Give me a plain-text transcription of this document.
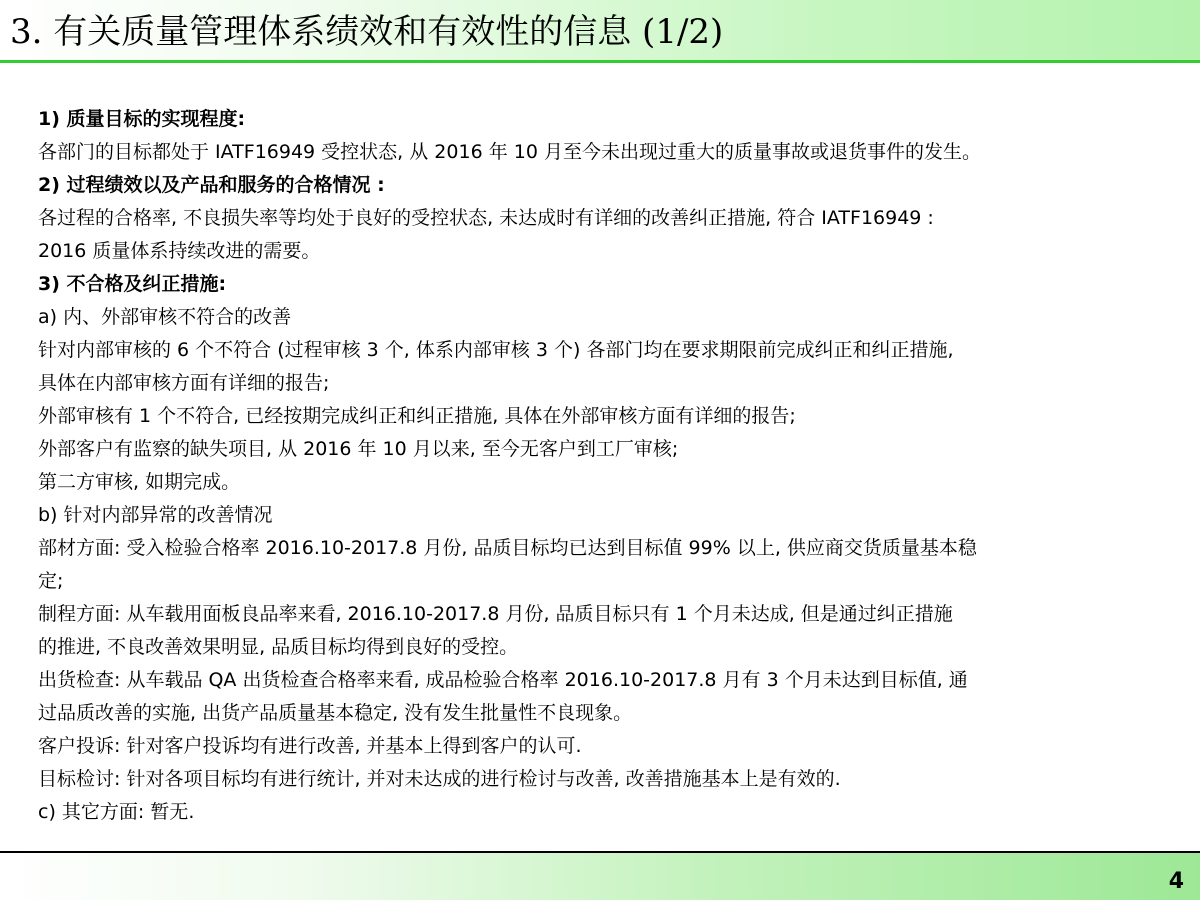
3. 有关质量管理体系绩效和有效性的信息 (1/2)
1) 质量目标的实现程度:
各部门的目标都处于 IATF16949 受控状态, 从 2016 年 10 月至今未出现过重大的质量事故或退货事件的发生。
2) 过程绩效以及产品和服务的合格情况 :
各过程的合格率, 不良损失率等均处于良好的受控状态, 未达成时有详细的改善纠正措施, 符合 IATF16949 :
2016 质量体系持续改进的需要。
3) 不合格及纠正措施:
a) 内、外部审核不符合的改善
针对内部审核的 6 个不符合 (过程审核 3 个, 体系内部审核 3 个) 各部门均在要求期限前完成纠正和纠正措施,
具体在内部审核方面有详细的报告;
外部审核有 1 个不符合, 已经按期完成纠正和纠正措施, 具体在外部审核方面有详细的报告;
外部客户有监察的缺失项目, 从 2016 年 10 月以来, 至今无客户到工厂审核;
第二方审核, 如期完成。
b) 针对内部异常的改善情况
部材方面: 受入检验合格率 2016.10-2017.8 月份, 品质目标均已达到目标值 99% 以上, 供应商交货质量基本稳
定;
制程方面: 从车载用面板良品率来看, 2016.10-2017.8 月份, 品质目标只有 1 个月未达成, 但是通过纠正措施
的推进, 不良改善效果明显, 品质目标均得到良好的受控。
出货检查: 从车载品 QA 出货检查合格率来看, 成品检验合格率 2016.10-2017.8 月有 3 个月未达到目标值, 通
过品质改善的实施, 出货产品质量基本稳定, 没有发生批量性不良现象。
客户投诉: 针对客户投诉均有进行改善, 并基本上得到客户的认可.
目标检讨: 针对各项目标均有进行统计, 并对未达成的进行检讨与改善, 改善措施基本上是有效的.
c) 其它方面: 暂无.
4
